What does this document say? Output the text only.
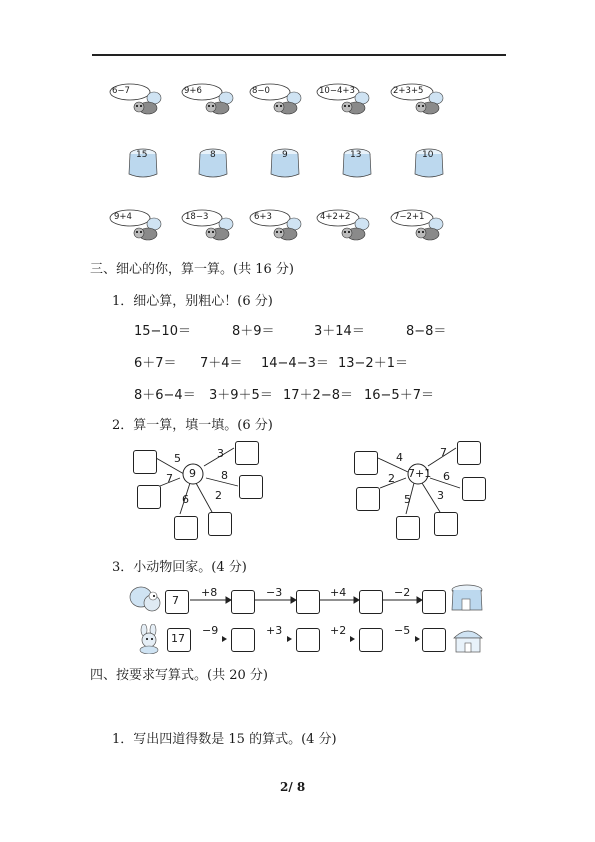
6−7	9+6	8−0	10−4+3	2+3+5
15	8	9	13	10
9+4	18−3	6+3	4+2+2	7−2+1
三、细心的你，算一算。(共 16 分)
1．细心算，别粗心！(6 分)
15−10＝	8＋9＝	3＋14＝	8−8＝
6＋7＝ 7＋4＝ 14−4−3＝ 13−2＋1＝
8＋6−4＝ 3＋9＋5＝ 17＋2−8＝ 16−5＋7＝
2．算一算，填一填。(6 分)
9
5	3
7	8
6 2
7+1
4	7
2	6
5 3
3．小动物回家。(4 分)
7
+8	−3	+4	−2
17
−9	+3	+2	−5
四、按要求写算式。(共 20 分)
1．写出四道得数是 15 的算式。(4 分)
2/ 8
